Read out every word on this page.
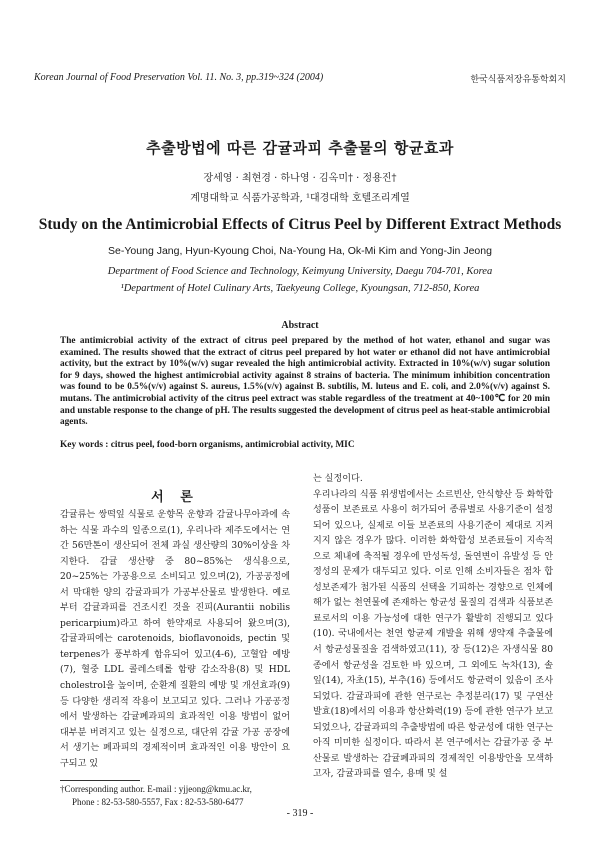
Korean Journal of Food Preservation Vol. 11. No. 3, pp.319~324 (2004)	한국식품저장유통학회지
추출방법에 따른 감귤과피 추출물의 항균효과
장세영 · 최현경 · 하나영 · 김옥미† · 정용진†
계명대학교 식품가공학과, ¹대경대학 호텔조리계열
Study on the Antimicrobial Effects of Citrus Peel by Different Extract Methods
Se-Young Jang, Hyun-Kyoung Choi, Na-Young Ha, Ok-Mi Kim and Yong-Jin Jeong
Department of Food Science and Technology, Keimyung University, Daegu 704-701, Korea
¹Department of Hotel Culinary Arts, Taekyeung College, Kyoungsan, 712-850, Korea
Abstract
The antimicrobial activity of the extract of citrus peel prepared by the method of hot water, ethanol and sugar was examined. The results showed that the extract of citrus peel prepared by hot water or ethanol did not have antimicrobial activity, but the extract by 10%(w/v) sugar revealed the high antimicrobial activity. Extracted in 10%(w/v) sugar solution for 9 days, showed the highest antimicrobial activity against 8 strains of bacteria. The minimum inhibition concentration was found to be 0.5%(v/v) against S. aureus, 1.5%(v/v) against B. subtilis, M. luteus and E. coli, and 2.0%(v/v) against S. mutans. The antimicrobial activity of the citrus peel extract was stable regardless of the treatment at 40~100℃ for 20 min and unstable response to the change of pH. The results suggested the development of citrus peel as heat-stable antimicrobial agents.
Key words : citrus peel, food-born organisms, antimicrobial activity, MIC
서 론
감귤류는 쌍떡잎 식물로 운향목 운향과 감귤나무아과에 속하는 식물 과수의 일종으로(1), 우리나라 제주도에서는 연간 56만톤이 생산되어 전체 과실 생산량의 30%이상을 차지한다. 감귤 생산량 중 80~85%는 생식용으로, 20~25%는 가공용으로 소비되고 있으며(2), 가공공정에서 막대한 양의 감귤과피가 가공부산물로 발생한다. 예로부터 감귤과피를 건조시킨 것을 진피(Aurantii nobilis pericarpium)라고 하여 한약재로 사용되어 왔으며(3), 감귤과피에는 carotenoids, bioflavonoids, pectin 및 terpenes가 풍부하게 함유되어 있고(4-6), 고혈압 예방(7), 혈중 LDL 콜레스테롤 함량 감소작용(8) 및 HDL cholestrol을 높이며, 순환계 질환의 예방 및 개선효과(9) 등 다양한 생리적 작용이 보고되고 있다. 그러나 가공공정에서 발생하는 감귤폐과피의 효과적인 이용 방법이 없어 대부분 버려지고 있는 실정으로, 대단위 감귤 가공 공장에서 생기는 폐과피의 경제적이며 효과적인 이용 방안이 요구되고 있
는 실정이다.
우리나라의 식품 위생법에서는 소르빈산, 안식향산 등 화학합성품이 보존료로 사용이 허가되어 종류별로 사용기준이 설정되어 있으나, 실제로 이들 보존료의 사용기준이 제대로 지켜지지 않은 경우가 많다. 이러한 화학합성 보존료들이 지속적으로 체내에 축적될 경우에 만성독성, 돌연변이 유발성 등 안정성의 문제가 대두되고 있다. 이로 인해 소비자들은 점차 합성보존제가 첨가된 식품의 선택을 기피하는 경향으로 인체에 해가 없는 천연물에 존재하는 항균성 물질의 검색과 식품보존료로서의 이용 가능성에 대한 연구가 활발히 진행되고 있다(10). 국내에서는 천연 항균제 개발을 위해 생약재 추출물에서 항균성물질을 검색하였고(11), 장 등(12)은 자생식물 80종에서 항균성을 검토한 바 있으며, 그 외에도 녹차(13), 솔잎(14), 자초(15), 부추(16) 등에서도 항균력이 있음이 조사되었다. 감귤과피에 관한 연구로는 추정분리(17) 및 구연산 발효(18)에서의 이용과 항산화력(19) 등에 관한 연구가 보고되었으나, 감귤과피의 추출방법에 따른 항균성에 대한 연구는 아직 미미한 실정이다. 따라서 본 연구에서는 감귤가공 중 부산물로 발생하는 감귤폐과피의 경제적인 이용방안을 모색하고자, 감귤과피를 열수, 용매 및 설
†Corresponding author. E-mail : yjjeong@kmu.ac.kr,
Phone : 82-53-580-5557, Fax : 82-53-580-6477
- 319 -
